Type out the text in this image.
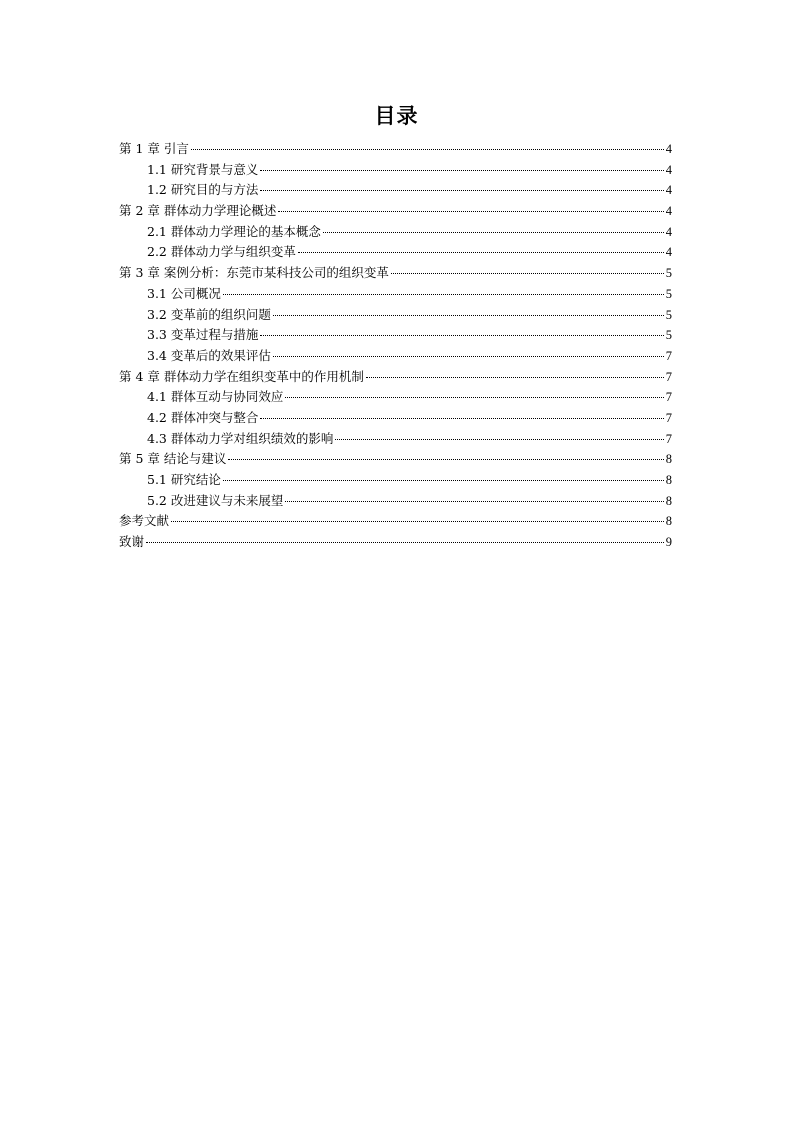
目录
第 1 章 引言	4
1.1 研究背景与意义	4
1.2 研究目的与方法	4
第 2 章 群体动力学理论概述	4
2.1 群体动力学理论的基本概念	4
2.2 群体动力学与组织变革	4
第 3 章 案例分析：东莞市某科技公司的组织变革	5
3.1 公司概况	5
3.2 变革前的组织问题	5
3.3 变革过程与措施	5
3.4 变革后的效果评估	7
第 4 章 群体动力学在组织变革中的作用机制	7
4.1 群体互动与协同效应	7
4.2 群体冲突与整合	7
4.3 群体动力学对组织绩效的影响	7
第 5 章 结论与建议	8
5.1 研究结论	8
5.2 改进建议与未来展望	8
参考文献	8
致谢	9
